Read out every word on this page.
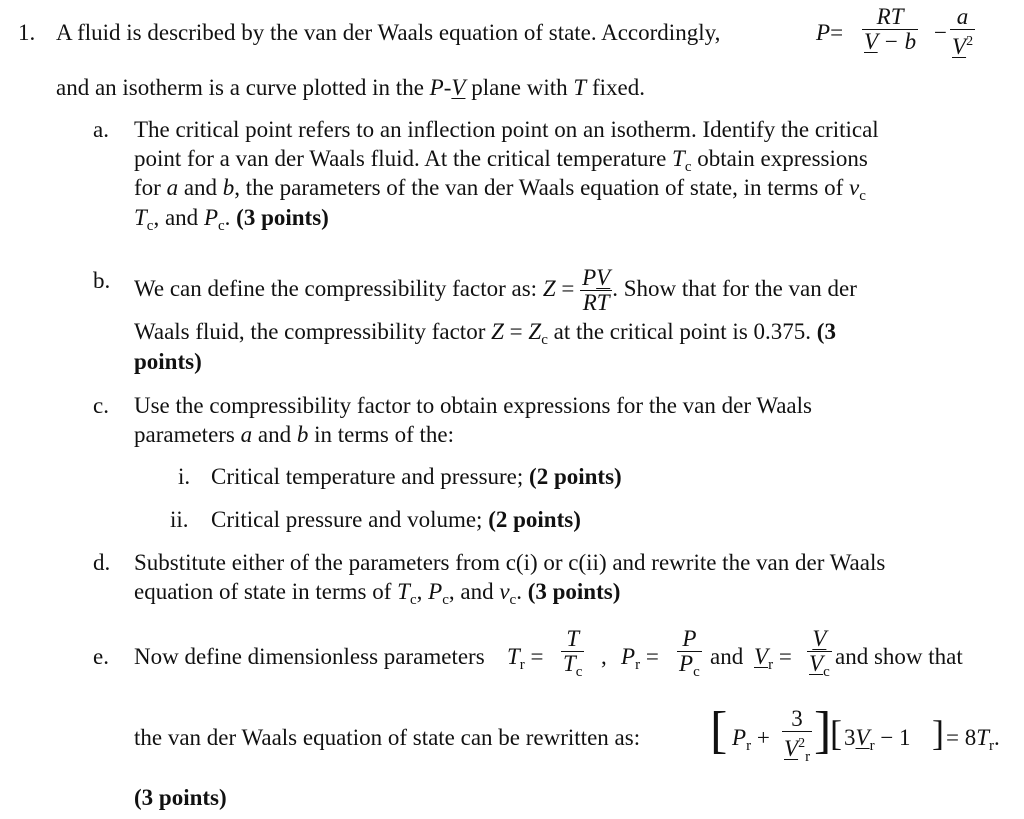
1. A fluid is described by the van der Waals equation of state. Accordingly,	$P= \frac{RT}{V - b} - \frac{a}{V^2}$
and an isotherm is a curve plotted in the P-V plane with T fixed.
a. The critical point refers to an inflection point on an isotherm. Identify the critical
point for a van der Waals fluid. At the critical temperature $T_c$ obtain expressions
for a and b, the parameters of the van der Waals equation of state, in terms of $v_c$
$T_c$, and $P_c$. (3 points)
b. We can define the compressibility factor as: $Z = \frac{PV}{RT}$ . Show that for the van der
Waals fluid, the compressibility factor $Z = Z_c$ at the critical point is 0.375. (3
points)
c. Use the compressibility factor to obtain expressions for the van der Waals
parameters a and b in terms of the:
i. Critical temperature and pressure; (2 points)
ii. Critical pressure and volume; (2 points)
d. Substitute either of the parameters from c(i) or c(ii) and rewrite the van der Waals
equation of state in terms of $T_c$, $P_c$, and $v_c$. (3 points)
e. Now define dimensionless parameters $T_r = \frac{T}{T_c}$ , $P_r = \frac{P}{P_c}$ and $V_r = \frac{V}{V_c}$ and show that
the van der Waals equation of state can be rewritten as: [ $P_r + \frac{3}{V^2_r}$ ]
[ $3V_r - 1$ ] = $8T_r$.
(3 points)
